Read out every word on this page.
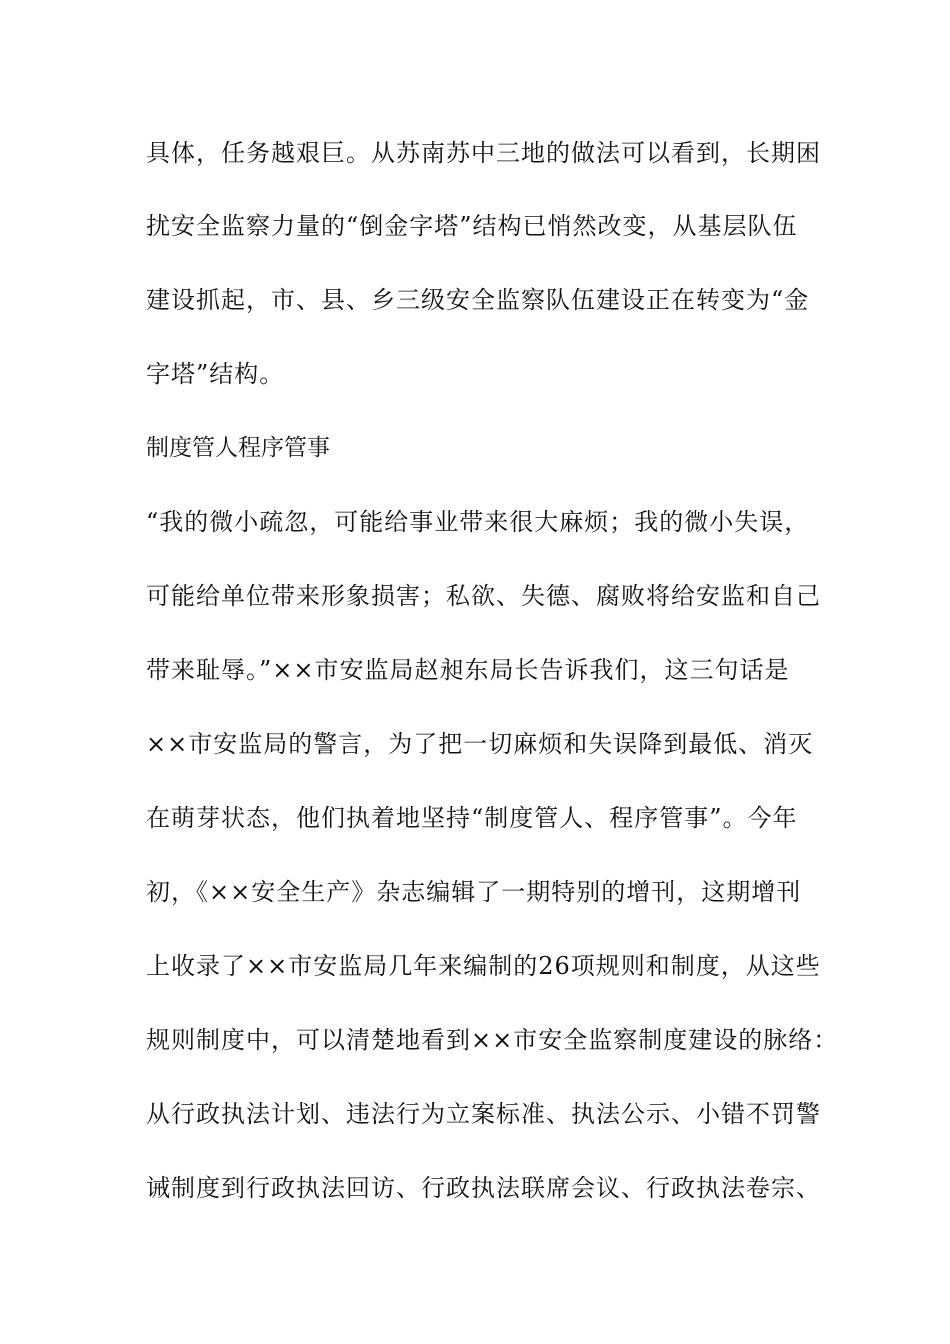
具体，任务越艰巨。从苏南苏中三地的做法可以看到，长期困
扰安全监察力量的“倒金字塔”结构已悄然改变，从基层队伍
建设抓起，市、县、乡三级安全监察队伍建设正在转变为“金
字塔”结构。
制度管人程序管事
“我的微小疏忽，可能给事业带来很大麻烦；我的微小失误，
可能给单位带来形象损害；私欲、失德、腐败将给安监和自己
带来耻辱。”××市安监局赵昶东局长告诉我们，这三句话是
××市安监局的警言，为了把一切麻烦和失误降到最低、消灭
在萌芽状态，他们执着地坚持“制度管人、程序管事”。今年
初，《××安全生产》杂志编辑了一期特别的增刊，这期增刊
上收录了××市安监局几年来编制的26项规则和制度，从这些
规则制度中，可以清楚地看到××市安全监察制度建设的脉络：
从行政执法计划、违法行为立案标准、执法公示、小错不罚警
诫制度到行政执法回访、行政执法联席会议、行政执法卷宗、
